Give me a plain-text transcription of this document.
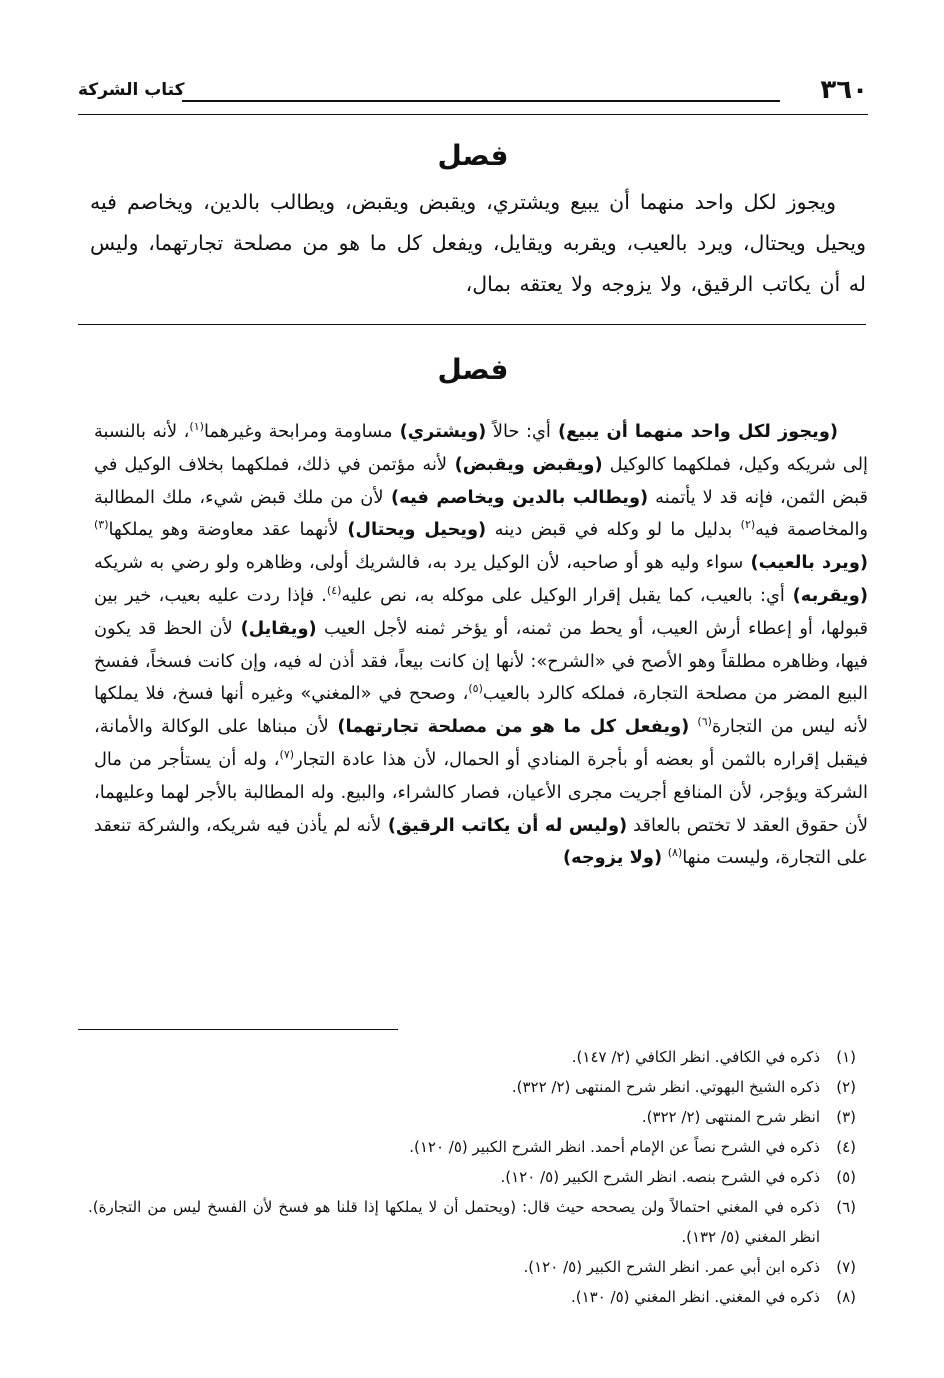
٣٦٠
كتاب الشركة
فصل
ويجوز لكل واحد منهما أن يبيع ويشتري، ويقبض ويقبض، ويطالب بالدين، ويخاصم فيه ويحيل ويحتال، ويرد بالعيب، ويقربه ويقايل، ويفعل كل ما هو من مصلحة تجارتهما، وليس له أن يكاتب الرقيق، ولا يزوجه ولا يعتقه بمال،
فصل
(ويجوز لكل واحد منهما أن يبيع) أي: حالاً (ويشتري) مساومة ومرابحة وغيرهما$^{(١)}$، لأنه بالنسبة إلى شريكه وكيل، فملكهما كالوكيل (ويقبض ويقبض) لأنه مؤتمن في ذلك، فملكهما بخلاف الوكيل في قبض الثمن، فإنه قد لا يأتمنه (ويطالب بالدين ويخاصم فيه) لأن من ملك قبض شيء، ملك المطالبة والمخاصمة فيه$^{(٢)}$ بدليل ما لو وكله في قبض دينه (ويحيل ويحتال) لأنهما عقد معاوضة وهو يملكها$^{(٣)}$ (ويرد بالعيب) سواء وليه هو أو صاحبه، لأن الوكيل يرد به، فالشريك أولى، وظاهره ولو رضي به شريكه (ويقربه) أي: بالعيب، كما يقبل إقرار الوكيل على موكله به، نص عليه$^{(٤)}$. فإذا ردت عليه بعيب، خير بين قبولها، أو إعطاء أرش العيب، أو يحط من ثمنه، أو يؤخر ثمنه لأجل العيب (ويقايل) لأن الحظ قد يكون فيها، وظاهره مطلقاً وهو الأصح في «الشرح»: لأنها إن كانت بيعاً، فقد أذن له فيه، وإن كانت فسخاً، ففسخ البيع المضر من مصلحة التجارة، فملكه كالرد بالعيب$^{(٥)}$، وصحح في «المغني» وغيره أنها فسخ، فلا يملكها لأنه ليس من التجارة$^{(٦)}$ (ويفعل كل ما هو من مصلحة تجارتهما) لأن مبناها على الوكالة والأمانة، فيقبل إقراره بالثمن أو بعضه أو بأجرة المنادي أو الحمال، لأن هذا عادة التجار$^{(٧)}$، وله أن يستأجر من مال الشركة ويؤجر، لأن المنافع أجريت مجرى الأعيان، فصار كالشراء، والبيع. وله المطالبة بالأجر لهما وعليهما، لأن حقوق العقد لا تختص بالعاقد (وليس له أن يكاتب الرقيق) لأنه لم يأذن فيه شريكه، والشركة تنعقد على التجارة، وليست منها$^{(٨)}$ (ولا يزوجه)
(١)
ذكره في الكافي. انظر الكافي (٢/ ١٤٧).
(٢)
ذكره الشيخ البهوتي. انظر شرح المنتهى (٢/ ٣٢٢).
(٣)
انظر شرح المنتهى (٢/ ٣٢٢).
(٤)
ذكره في الشرح نصاً عن الإمام أحمد. انظر الشرح الكبير (٥/ ١٢٠).
(٥)
ذكره في الشرح بنصه. انظر الشرح الكبير (٥/ ١٢٠).
(٦)
ذكره في المغني احتمالاً ولن يصححه حيث قال: (ويحتمل أن لا يملكها إذا قلنا هو فسخ لأن الفسخ ليس من التجارة). انظر المغني (٥/ ١٣٢).
(٧)
ذكره ابن أبي عمر. انظر الشرح الكبير (٥/ ١٢٠).
(٨)
ذكره في المغني. انظر المغني (٥/ ١٣٠).
